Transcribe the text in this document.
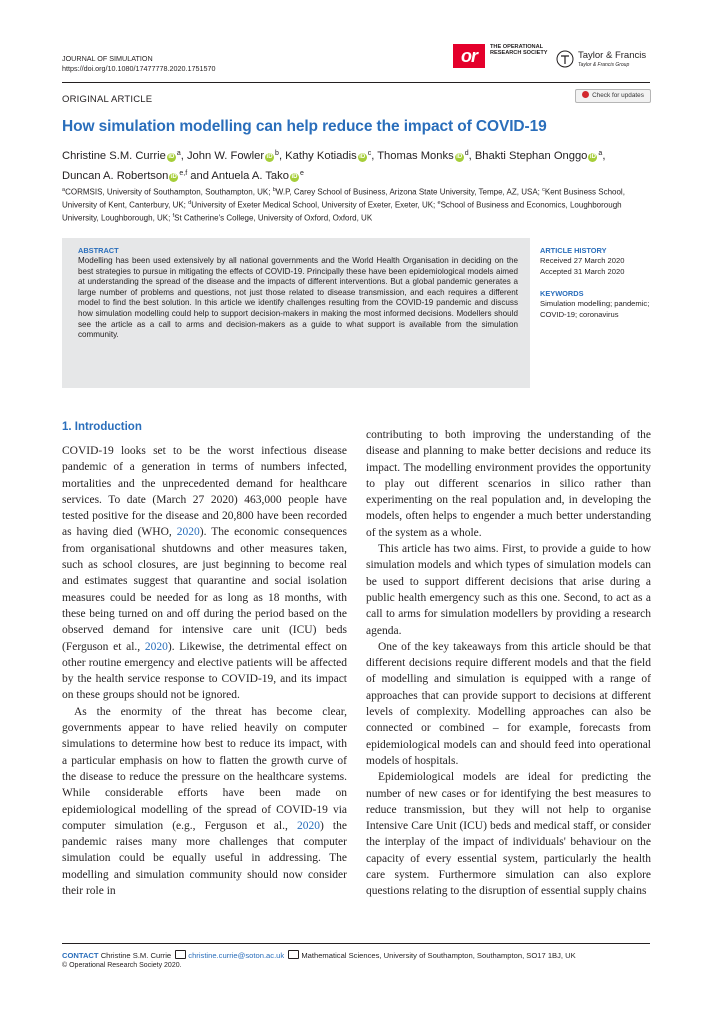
JOURNAL OF SIMULATION
https://doi.org/10.1080/17477778.2020.1751570
or	THE OPERATIONAL RESEARCH SOCIETY	Taylor & Francis
Taylor & Francis Group
ORIGINAL ARTICLE	Check for updates
How simulation modelling can help reduce the impact of COVID-19
Christine S.M. Currie iD $^a$, John W. Fowler iD $^b$, Kathy Kotiadis iD $^c$, Thomas Monks iD $^d$, Bhakti Stephan Onggo iD $^a$,
Duncan A. Robertson iD $^{e,f}$ and Antuela A. Tako iD $^e$
$^a$CORMSIS, University of Southampton, Southampton, UK; $^b$W.P, Carey School of Business, Arizona State University, Tempe, AZ, USA; $^c$Kent Business School, University of Kent, Canterbury, UK; $^d$University of Exeter Medical School, University of Exeter, Exeter, UK; $^e$School of Business and Economics, Loughborough University, Loughborough, UK; $^f$St Catherine's College, University of Oxford, Oxford, UK
ABSTRACT
Modelling has been used extensively by all national governments and the World Health Organisation in deciding on the best strategies to pursue in mitigating the effects of COVID-19. Principally these have been epidemiological models aimed at understanding the spread of the disease and the impacts of different interventions. But a global pandemic generates a large number of problems and questions, not just those related to disease transmission, and each requires a different model to find the best solution. In this article we identify challenges resulting from the COVID-19 pandemic and discuss how simulation modelling could help to support decision-makers in making the most informed decisions. Modellers should see the article as a call to arms and decision-makers as a guide to what support is available from the simulation community.
ARTICLE HISTORY
Received 27 March 2020
Accepted 31 March 2020
KEYWORDS
Simulation modelling; pandemic; COVID-19; coronavirus
1. Introduction

COVID-19 looks set to be the worst infectious disease pandemic of a generation in terms of numbers infected, mortalities and the unprecedented demand for healthcare services. To date (March 27 2020) 463,000 people have tested positive for the disease and 20,800 have been recorded as having died (WHO, 2020). The economic consequences from organisational shutdowns and other measures taken, such as school closures, are just beginning to become real and estimates suggest that quarantine and social isolation measures could be needed for as long as 18 months, with these being turned on and off during the period based on the observed demand for intensive care unit (ICU) beds (Ferguson et al., 2020). Likewise, the detrimental effect on other routine emergency and elective patients will be affected by the health service response to COVID-19, and its impact on these groups should not be ignored.

As the enormity of the threat has become clear, governments appear to have relied heavily on computer simulations to determine how best to reduce its impact, with a particular emphasis on how to flatten the growth curve of the disease to reduce the pressure on the healthcare systems. While considerable efforts have been made on epidemiological modelling of the spread of COVID-19 via computer simulation (e.g., Ferguson et al., 2020) the pandemic raises many more challenges that computer simulation could be equally useful in addressing. The modelling and simulation community should now consider their role in

contributing to both improving the understanding of the disease and planning to make better decisions and reduce its impact. The modelling environment provides the opportunity to play out different scenarios in silico rather than experimenting on the real population and, in developing the models, often helps to engender a much better understanding of the system as a whole.

This article has two aims. First, to provide a guide to how simulation models and which types of simulation models can be used to support different decisions that arise during a public health emergency such as this one. Second, to act as a call to arms for simulation modellers by providing a research agenda.

One of the key takeaways from this article should be that different decisions require different models and that the field of modelling and simulation is equipped with a range of approaches that can provide support to decisions at different levels of complexity. Modelling approaches can also be connected or combined – for example, forecasts from epidemiological models can and should feed into operational models of hospitals.

Epidemiological models are ideal for predicting the number of new cases or for identifying the best measures to reduce transmission, but they will not help to organise Intensive Care Unit (ICU) beds and medical staff, or consider the interplay of the impact of individuals' behaviour on the capacity of every essential system, particularly the health care system. Furthermore simulation can also explore questions relating to the disruption of essential supply chains

CONTACT Christine S.M. Currie christine.currie@soton.ac.uk Mathematical Sciences, University of Southampton, Southampton, SO17 1BJ, UK
© Operational Research Society 2020.
